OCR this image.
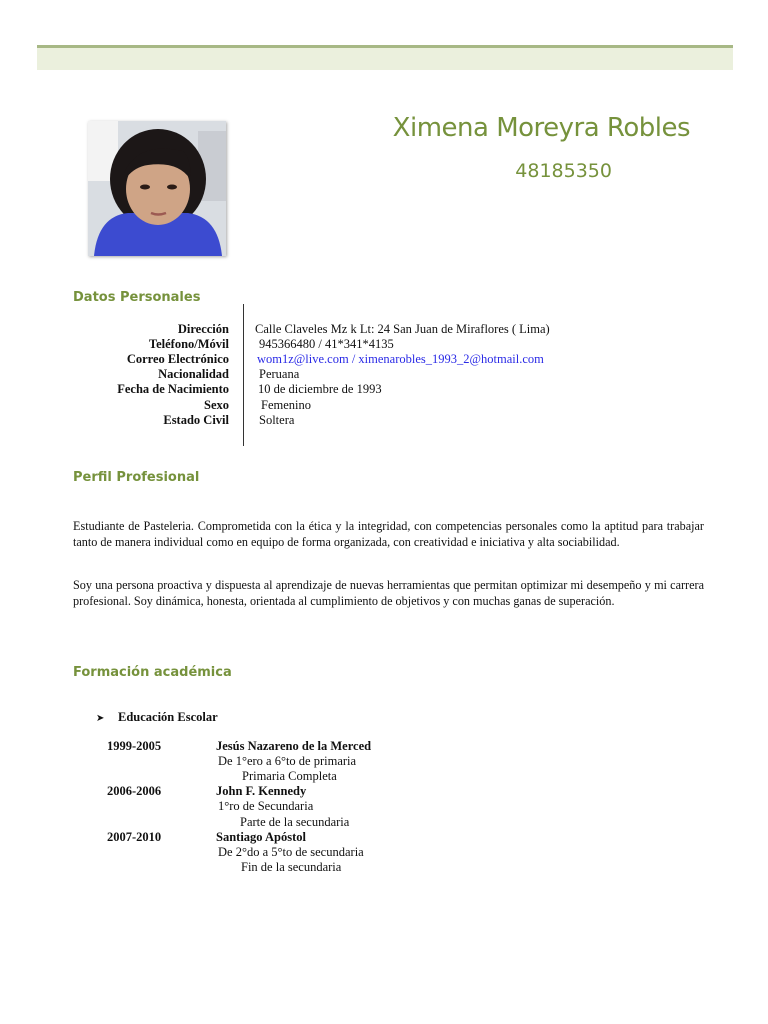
Ximena Moreyra Robles
48185350
Datos Personales
Dirección Calle Claveles Mz k Lt: 24 San Juan de Miraflores ( Lima)
Teléfono/Móvil 945366480 / 41*341*4135
Correo Electrónico wom1z@live.com / ximenarobles_1993_2@hotmail.com
Nacionalidad Peruana
Fecha de Nacimiento 10 de diciembre de 1993
Sexo	Femenino
Estado Civil Soltera
Perfil Profesional
Estudiante de Pasteleria. Comprometida con la ética y la integridad, con competencias personales como la aptitud para trabajar tanto de manera individual como en equipo de forma organizada, con creatividad e iniciativa y alta sociabilidad.
Soy una persona proactiva y dispuesta al aprendizaje de nuevas herramientas que permitan optimizar mi desempeño y mi carrera profesional. Soy dinámica, honesta, orientada al cumplimiento de objetivos y con muchas ganas de superación.
Formación académica
➤ Educación Escolar
1999-2005	Jesús Nazareno de la Merced
De 1°ero a 6°to de primaria
Primaria Completa
2006-2006	John F. Kennedy
1°ro de Secundaria
Parte de la secundaria
2007-2010	Santiago Apóstol
De 2°do a 5°to de secundaria
Fin de la secundaria
